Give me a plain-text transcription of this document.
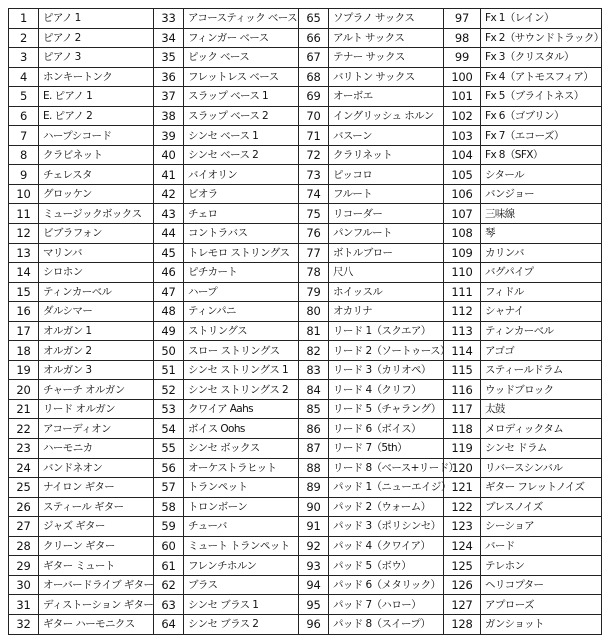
1	ピアノ 1	33	アコースティック ベース	65	ソプラノ サックス	97	Fx 1（レイン）
2	ピアノ 2	34	フィンガー ベース	66	アルト サックス	98	Fx 2（サウンドトラック）
3	ピアノ 3	35	ピック ベース	67	テナー サックス	99	Fx 3（クリスタル）
4	ホンキートンク	36	フレットレス ベース	68	バリトン サックス	100	Fx 4（アトモスフィア）
5	E. ピアノ 1	37	スラップ ベース 1	69	オーボエ	101	Fx 5（ブライトネス）
6	E. ピアノ 2	38	スラップ ベース 2	70	イングリッシュ ホルン	102	Fx 6（ゴブリン）
7	ハープシコード	39	シンセ ベース 1	71	バスーン	103	Fx 7（エコーズ）
8	クラビネット	40	シンセ ベース 2	72	クラリネット	104	Fx 8（SFX）
9	チェレスタ	41	バイオリン	73	ピッコロ	105	シタール
10	グロッケン	42	ビオラ	74	フルート	106	バンジョー
11	ミュージックボックス	43	チェロ	75	リコーダー	107	三味線
12	ビブラフォン	44	コントラバス	76	パンフルート	108	琴
13	マリンバ	45	トレモロ ストリングス	77	ボトルブロー	109	カリンバ
14	シロホン	46	ピチカート	78	尺八	110	バグパイプ
15	ティンカーベル	47	ハープ	79	ホイッスル	111	フィドル
16	ダルシマー	48	ティンパニ	80	オカリナ	112	シャナイ
17	オルガン 1	49	ストリングス	81	リード 1（スクエア）	113	ティンカーベル
18	オルガン 2	50	スロー ストリングス	82	リード 2（ソートゥース）	114	アゴゴ
19	オルガン 3	51	シンセ ストリングス 1	83	リード 3（カリオペ）	115	スティールドラム
20	チャーチ オルガン	52	シンセ ストリングス 2	84	リード 4（クリフ）	116	ウッドブロック
21	リード オルガン	53	クワイア Aahs	85	リード 5（チャラング）	117	太鼓
22	アコーディオン	54	ボイス Oohs	86	リード 6（ボイス）	118	メロディックタム
23	ハーモニカ	55	シンセ ボックス	87	リード 7（5th）	119	シンセ ドラム
24	バンドネオン	56	オーケストラヒット	88	リード 8（ベース+リード）	120	リバースシンバル
25	ナイロン ギター	57	トランペット	89	パッド 1（ニューエイジ）	121	ギター フレットノイズ
26	スティール ギター	58	トロンボーン	90	パッド 2（ウォーム）	122	ブレスノイズ
27	ジャズ ギター	59	チューバ	91	パッド 3（ポリシンセ）	123	シーショア
28	クリーン ギター	60	ミュート トランペット	92	パッド 4（クワイア）	124	バード
29	ギター ミュート	61	フレンチホルン	93	パッド 5（ボウ）	125	テレホン
30	オーバードライブ ギター	62	ブラス	94	パッド 6（メタリック）	126	ヘリコプター
31	ディストーション ギター	63	シンセ ブラス 1	95	パッド 7（ハロー）	127	アプローズ
32	ギター ハーモニクス	64	シンセ ブラス 2	96	パッド 8（スイープ）	128	ガンショット
